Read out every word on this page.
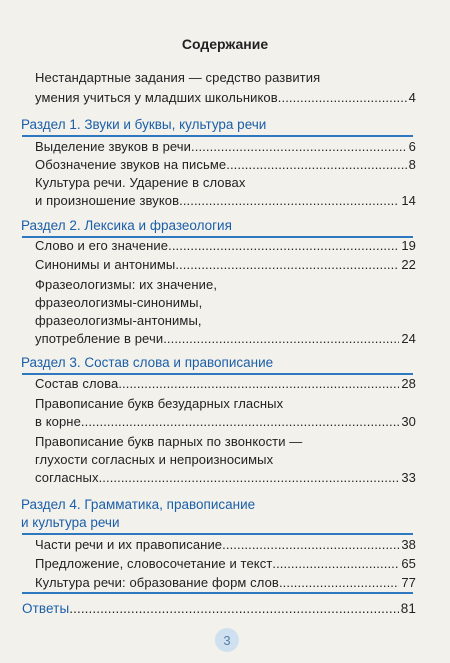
Содержание
Нестандартные задания — средство развития
умения учиться у младших школьников .....	4
Раздел 1. Звуки и буквы, культура речи
Выделение звуков в речи .....	6
Обозначение звуков на письме .....	8
Культура речи. Ударение в словах
и произношение звуков .....	14
Раздел 2. Лексика и фразеология
Слово и его значение .....	19
Синонимы и антонимы .....	22
Фразеологизмы: их значение,
фразеологизмы-синонимы,
фразеологизмы-антонимы,
употребление в речи .....	24
Раздел 3. Состав слова и правописание
Состав слова .....	28
Правописание букв безударных гласных
в корне .....	30
Правописание букв парных по звонкости —
глухости согласных и непроизносимых
согласных .....	33
Раздел 4. Грамматика, правописание
и культура речи
Части речи и их правописание .....	38
Предложение, словосочетание и текст .....	65
Культура речи: образование форм слов .....	77
Ответы .....	81
3
